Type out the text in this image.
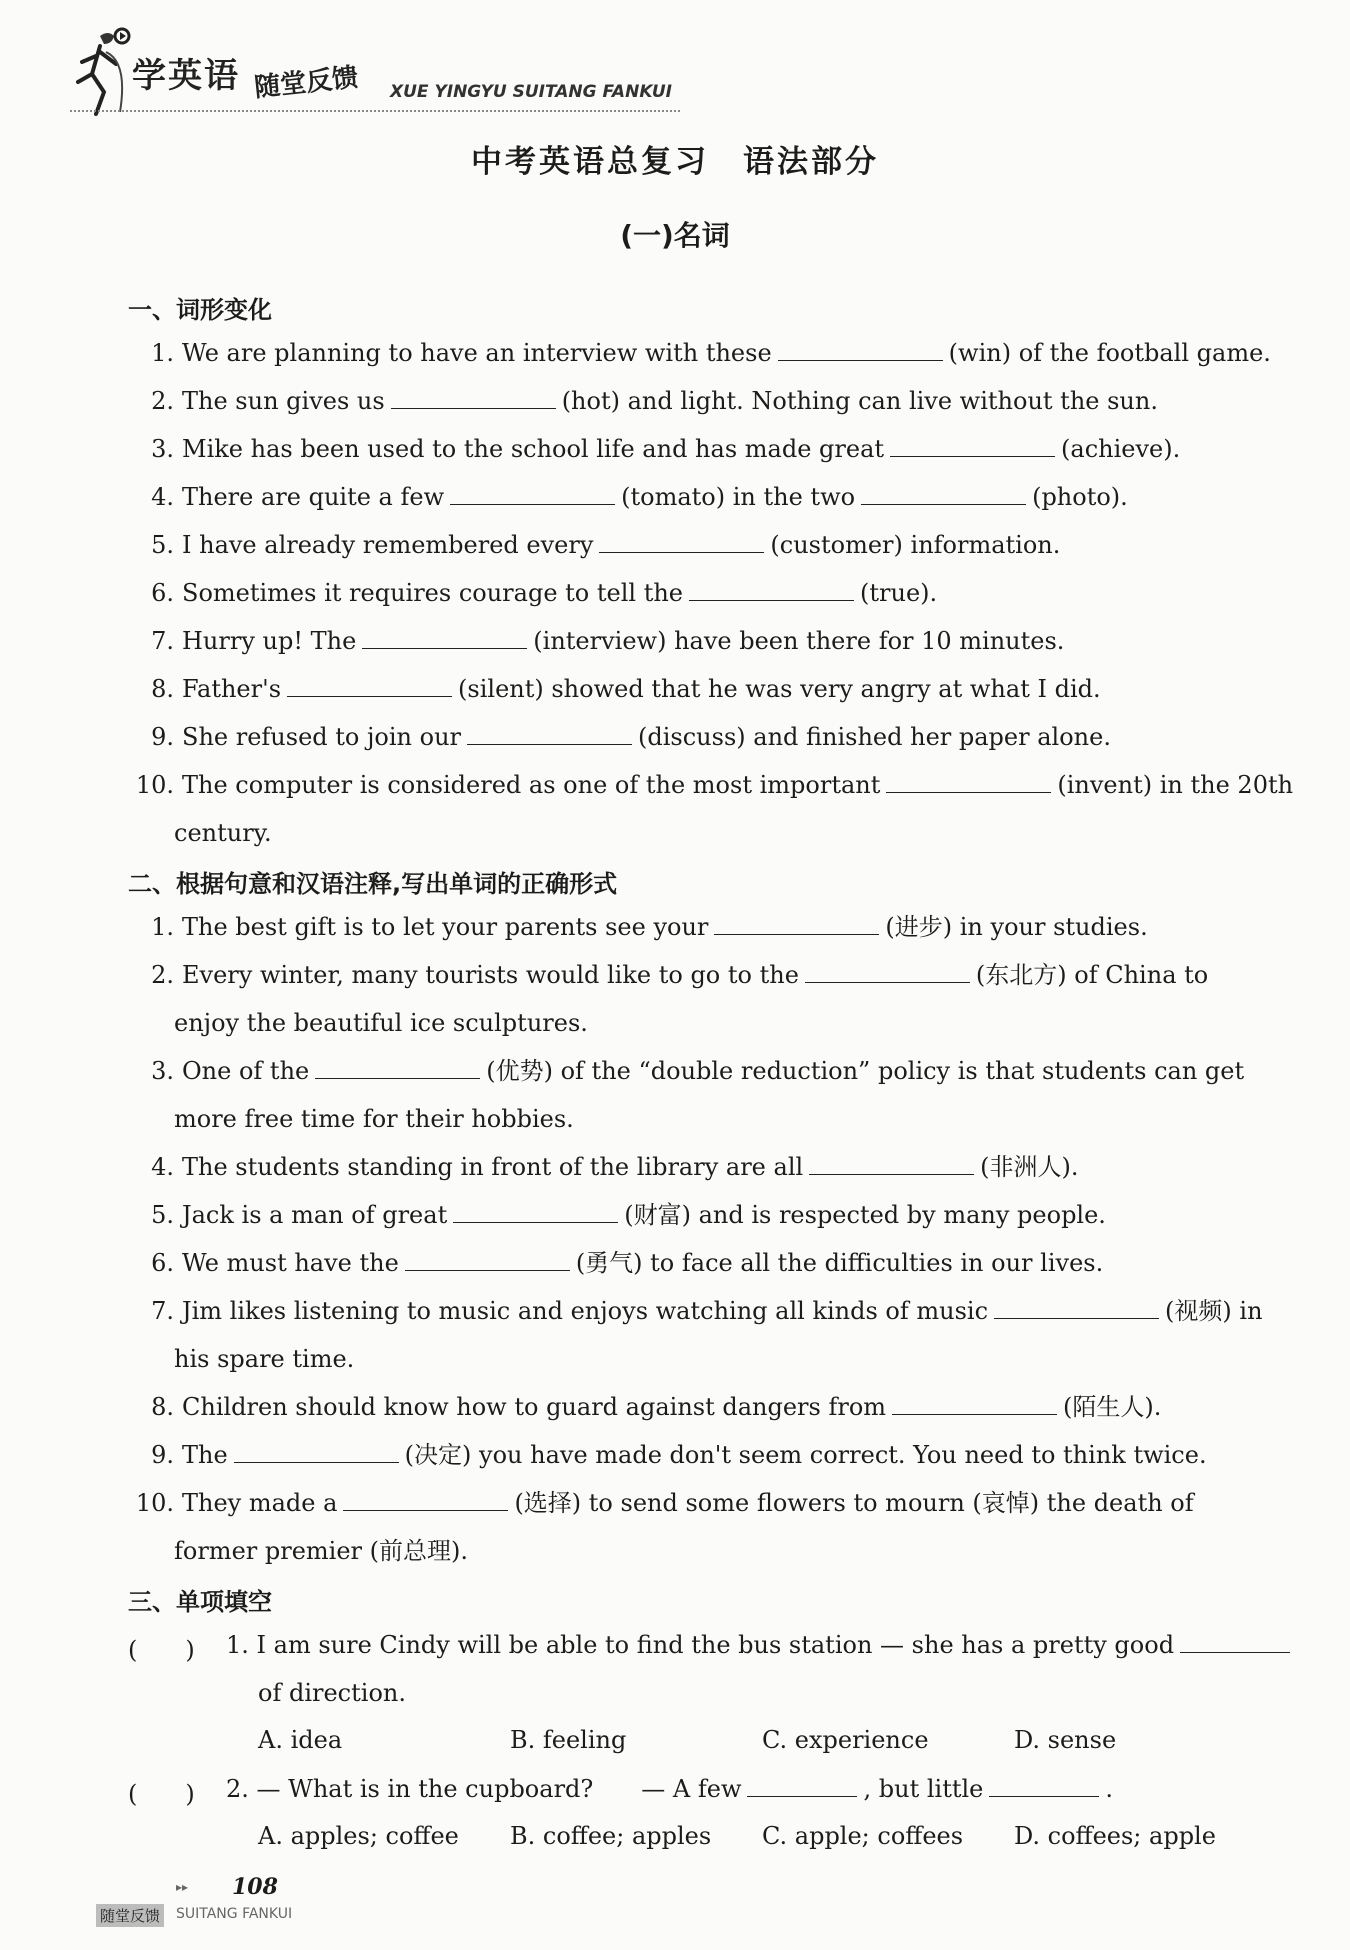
学英语 随堂反馈 XUE YINGYU SUITANG FANKUI
中考英语总复习　语法部分
(一)名词
一、词形变化
1. We are planning to have an interview with these	(win) of the football game.
2. The sun gives us	(hot) and light. Nothing can live without the sun.
3. Mike has been used to the school life and has made great	(achieve).
4. There are quite a few	(tomato) in the two	(photo).
5. I have already remembered every	(customer) information.
6. Sometimes it requires courage to tell the	(true).
7. Hurry up! The	(interview) have been there for 10 minutes.
8. Father's	(silent) showed that he was very angry at what I did.
9. She refused to join our	(discuss) and finished her paper alone.
10. The computer is considered as one of the most important	(invent) in the 20th
century.
二、根据句意和汉语注释,写出单词的正确形式
1. The best gift is to let your parents see your	(进步) in your studies.
2. Every winter, many tourists would like to go to the	(东北方) of China to
enjoy the beautiful ice sculptures.
3. One of the	(优势) of the “double reduction” policy is that students can get
more free time for their hobbies.
4. The students standing in front of the library are all	(非洲人).
5. Jack is a man of great	(财富) and is respected by many people.
6. We must have the	(勇气) to face all the difficulties in our lives.
7. Jim likes listening to music and enjoys watching all kinds of music	(视频) in
his spare time.
8. Children should know how to guard against dangers from	(陌生人).
9. The	(决定) you have made don't seem correct. You need to think twice.
10. They made a	(选择) to send some flowers to mourn (哀悼) the death of
former premier (前总理).
三、单项填空
(　　) 1. I am sure Cindy will be able to find the bus station — she has a pretty good
of direction.
A. idea	B. feeling	C. experience	D. sense
(　　) 2. — What is in the cupboard?　　— A few	, but little	.
A. apples; coffee B. coffee; apples C. apple; coffees D. coffees; apple
▸▸ 108
随堂反馈 SUITANG FANKUI
